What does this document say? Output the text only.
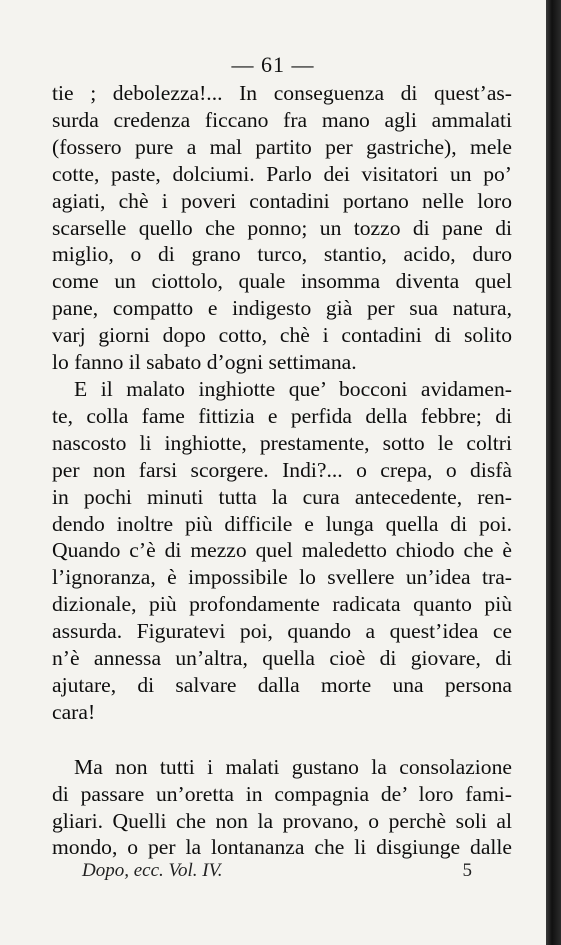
— 61 —

tie ; debolezza!... In conseguenza di quest’as-
surda credenza ficcano fra mano agli ammalati
(fossero pure a mal partito per gastriche), mele
cotte, paste, dolciumi. Parlo dei visitatori un po’
agiati, chè i poveri contadini portano nelle loro
scarselle quello che ponno; un tozzo di pane di
miglio, o di grano turco, stantio, acido, duro
come un ciottolo, quale insomma diventa quel
pane, compatto e indigesto già per sua natura,
varj giorni dopo cotto, chè i contadini di solito
lo fanno il sabato d’ogni settimana.

E il malato inghiotte que’ bocconi avidamen-
te, colla fame fittizia e perfida della febbre; di
nascosto li inghiotte, prestamente, sotto le coltri
per non farsi scorgere. Indi?... o crepa, o disfà
in pochi minuti tutta la cura antecedente, ren-
dendo inoltre più difficile e lunga quella di poi.
Quando c’è di mezzo quel maledetto chiodo che è
l’ignoranza, è impossibile lo svellere un’idea tra-
dizionale, più profondamente radicata quanto più
assurda. Figuratevi poi, quando a quest’idea ce
n’è annessa un’altra, quella cioè di giovare, di
ajutare, di salvare dalla morte una persona
cara!

Ma non tutti i malati gustano la consolazione
di passare un’oretta in compagnia de’ loro fami-
gliari. Quelli che non la provano, o perchè soli al
mondo, o per la lontananza che li disgiunge dalle

Dopo, ecc. Vol. IV.	5
